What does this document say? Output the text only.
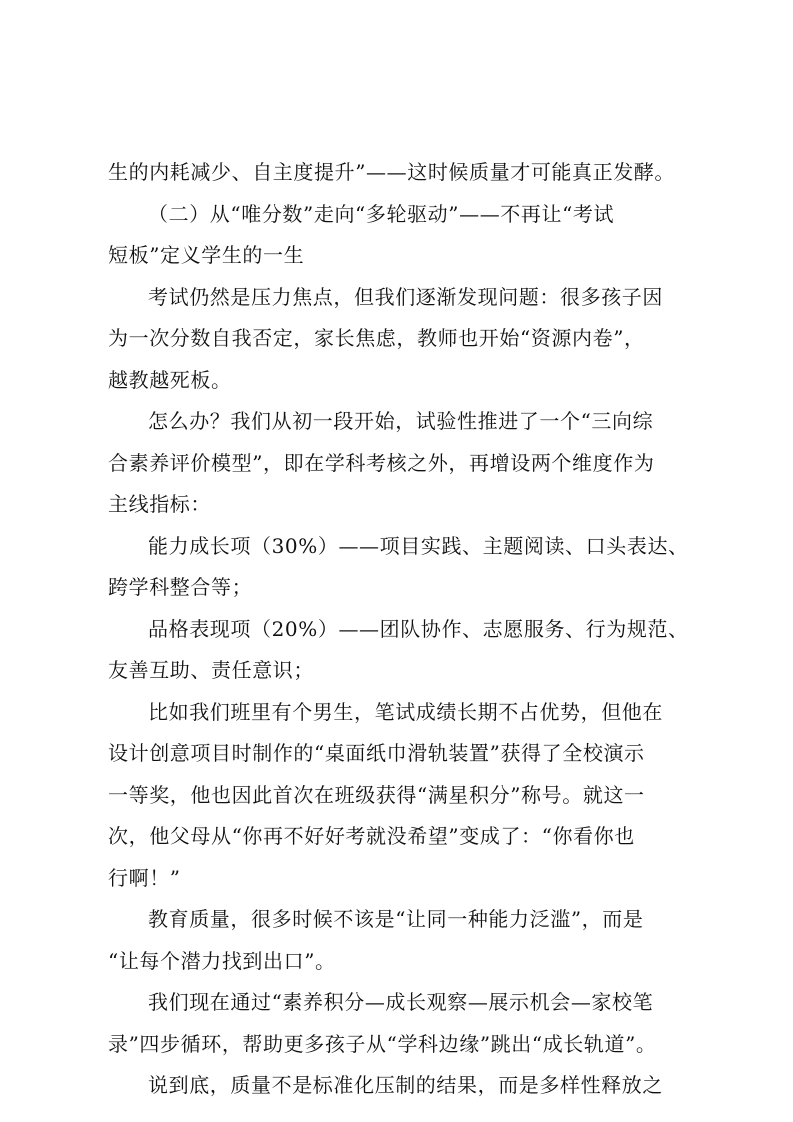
生的内耗减少、自主度提升”——这时候质量才可能真正发酵。
（二）从“唯分数”走向“多轮驱动”——不再让“考试
短板”定义学生的一生
考试仍然是压力焦点，但我们逐渐发现问题：很多孩子因
为一次分数自我否定，家长焦虑，教师也开始“资源内卷”，
越教越死板。
怎么办？我们从初一段开始，试验性推进了一个“三向综
合素养评价模型”，即在学科考核之外，再增设两个维度作为
主线指标：
能力成长项（30%）——项目实践、主题阅读、口头表达、
跨学科整合等；
品格表现项（20%）——团队协作、志愿服务、行为规范、
友善互助、责任意识；
比如我们班里有个男生，笔试成绩长期不占优势，但他在
设计创意项目时制作的“桌面纸巾滑轨装置”获得了全校演示
一等奖，他也因此首次在班级获得“满星积分”称号。就这一
次，他父母从“你再不好好考就没希望”变成了：“你看你也
行啊！”
教育质量，很多时候不该是“让同一种能力泛滥”，而是
“让每个潜力找到出口”。
我们现在通过“素养积分—成长观察—展示机会—家校笔
录”四步循环，帮助更多孩子从“学科边缘”跳出“成长轨道”。
说到底，质量不是标准化压制的结果，而是多样性释放之
